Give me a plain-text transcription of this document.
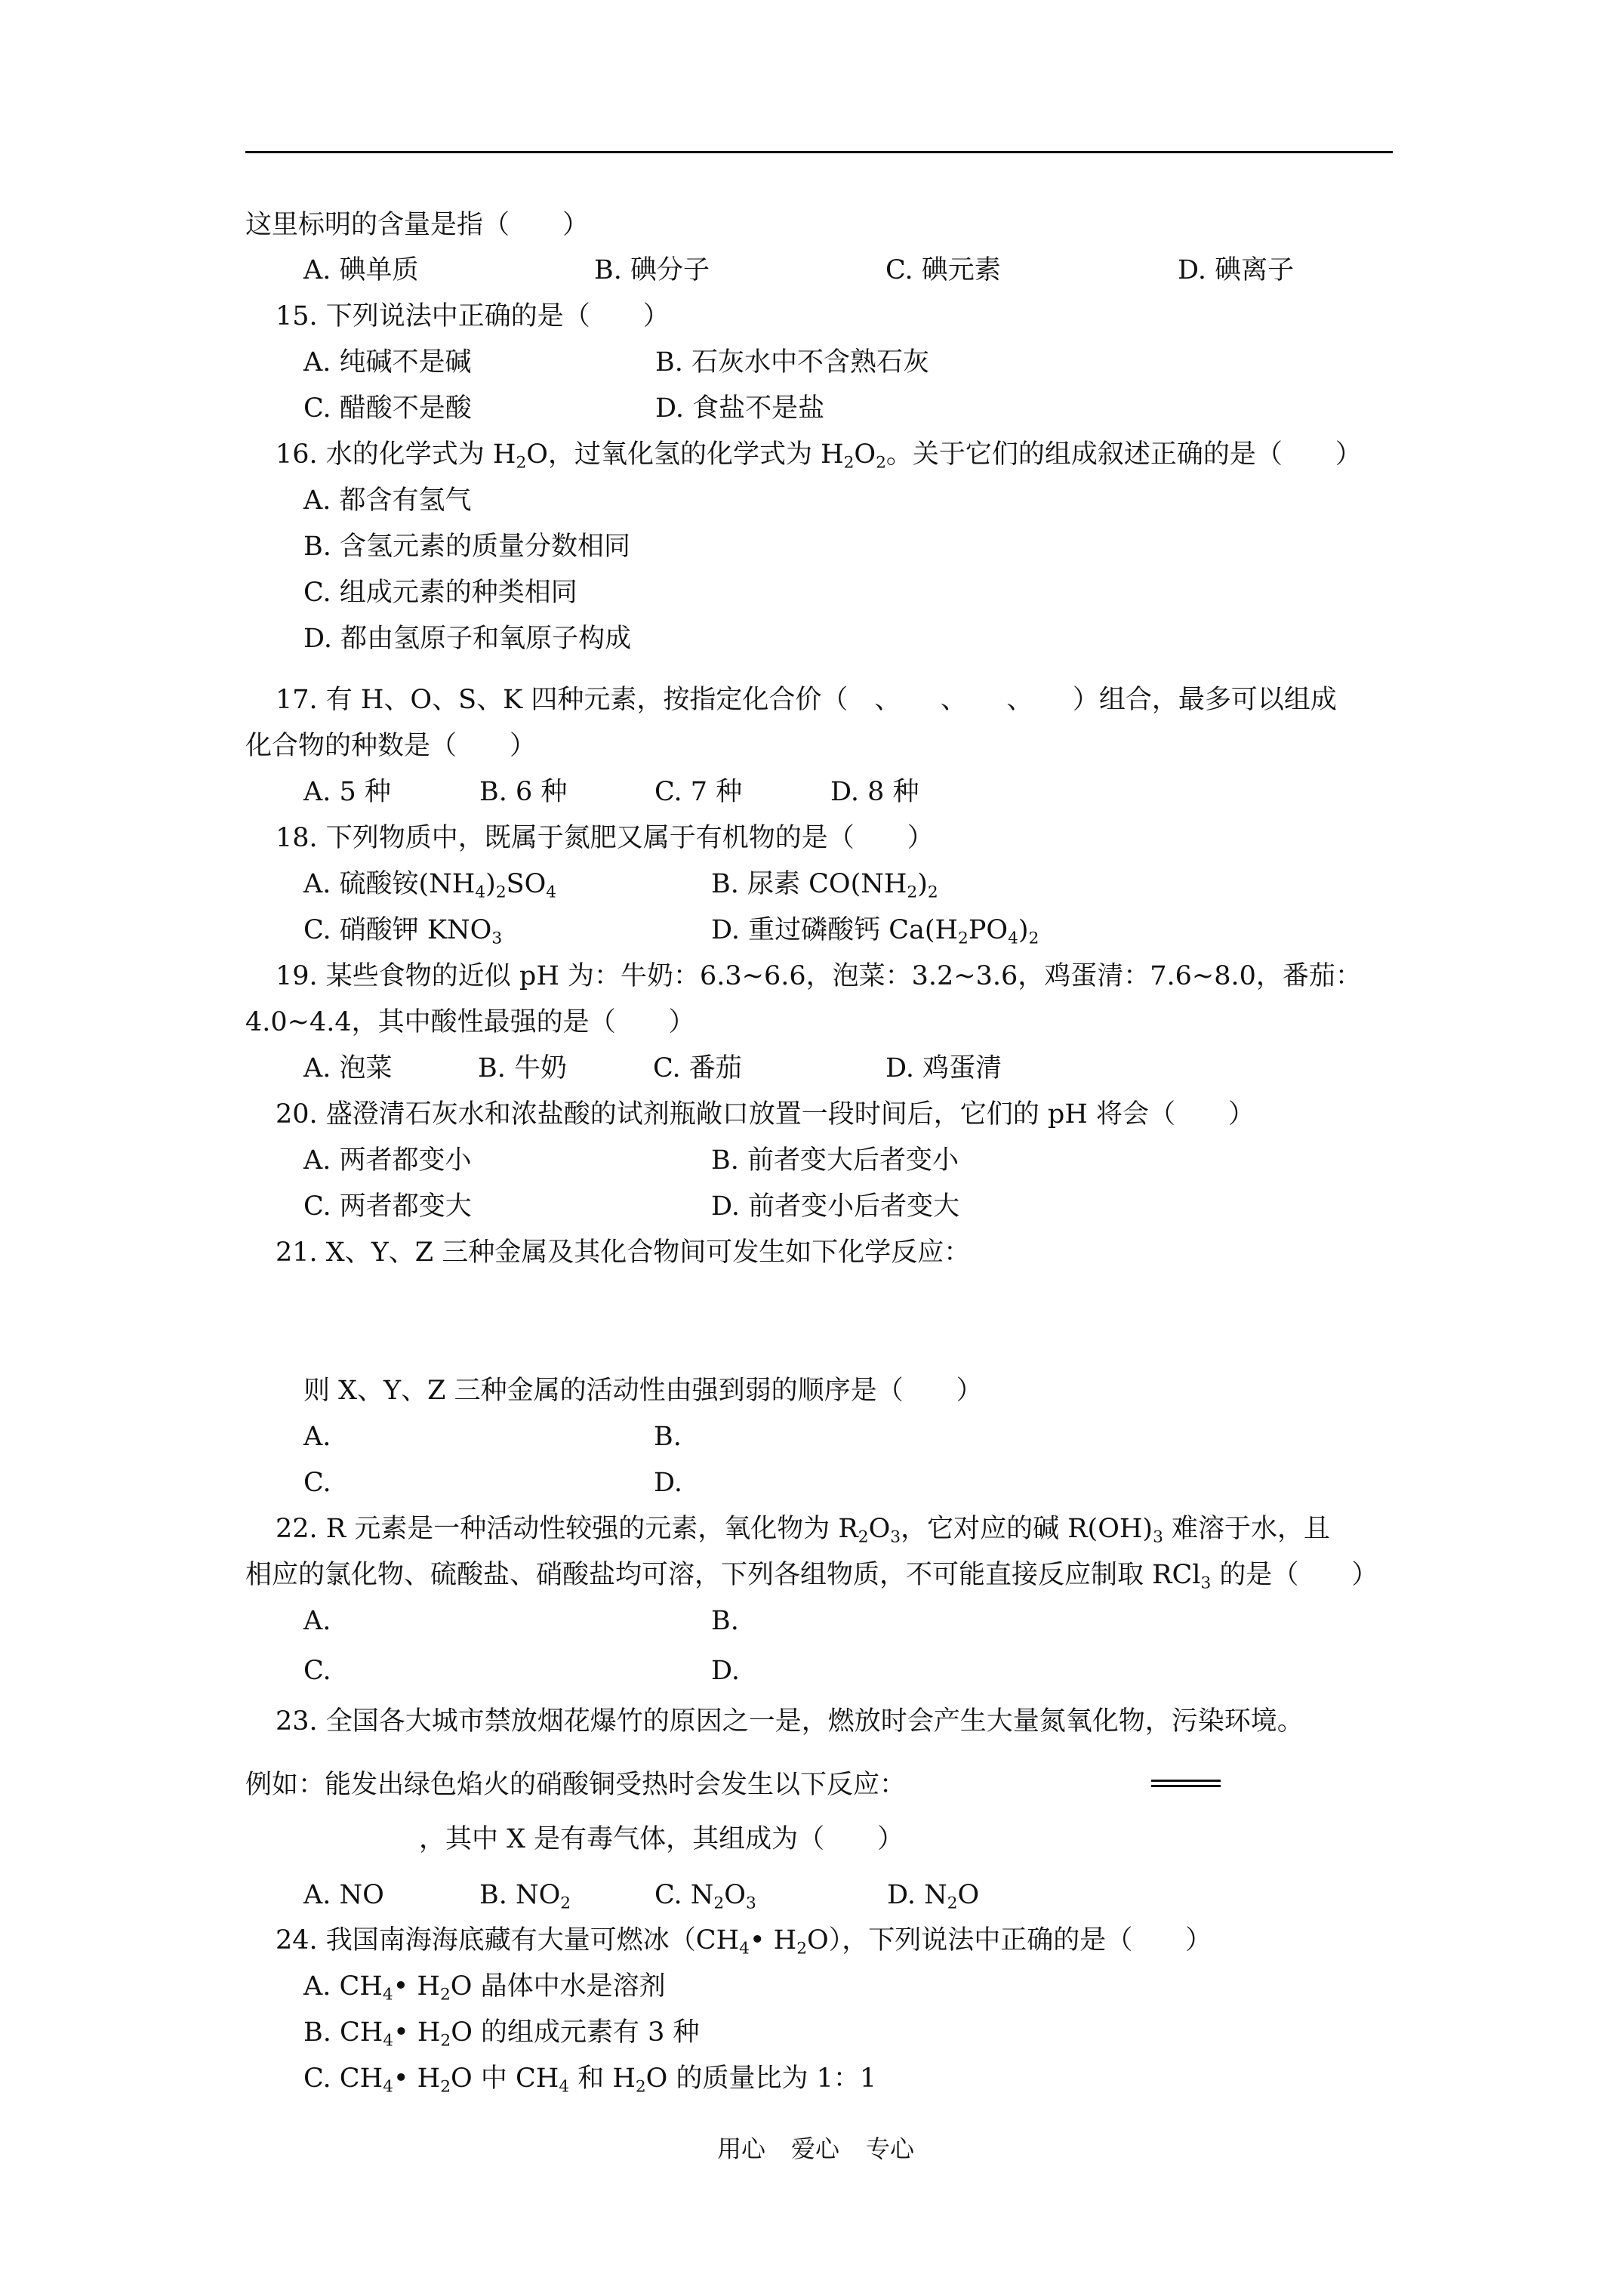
这里标明的含量是指（　　）
A. 碘单质	B. 碘分子	C. 碘元素	D. 碘离子
15. 下列说法中正确的是（　　）
A. 纯碱不是碱	B. 石灰水中不含熟石灰
C. 醋酸不是酸	D. 食盐不是盐
16. 水的化学式为 $H_2O$，过氧化氢的化学式为 $H_2O_2$。关于它们的组成叙述正确的是（　　）
A. 都含有氢气
B. 含氢元素的质量分数相同
C. 组成元素的种类相同
D. 都由氢原子和氧原子构成
17. 有 H、O、S、K 四种元素，按指定化合价（　、　　、　　、　　）组合，最多可以组成
化合物的种数是（　　）
A. 5 种	B. 6 种	C. 7 种	D. 8 种
18. 下列物质中，既属于氮肥又属于有机物的是（　　）
A. 硫酸铵$(NH_4)_2SO_4$	B. 尿素 $CO(NH_2)_2$
C. 硝酸钾 $KNO_3$	D. 重过磷酸钙 $Ca(H_2PO_4)_2$
19. 某些食物的近似 pH 为：牛奶：6.3~6.6，泡菜：3.2~3.6，鸡蛋清：7.6~8.0，番茄：
4.0~4.4，其中酸性最强的是（　　）
A. 泡菜	B. 牛奶	C. 番茄	D. 鸡蛋清
20. 盛澄清石灰水和浓盐酸的试剂瓶敞口放置一段时间后，它们的 pH 将会（　　）
A. 两者都变小	B. 前者变大后者变小
C. 两者都变大	D. 前者变小后者变大
21. X、Y、Z 三种金属及其化合物间可发生如下化学反应：
则 X、Y、Z 三种金属的活动性由强到弱的顺序是（　　）
A.	B.
C.	D.
22. R 元素是一种活动性较强的元素，氧化物为 $R_2O_3$，它对应的碱 $R(OH)_3$ 难溶于水，且
相应的氯化物、硫酸盐、硝酸盐均可溶，下列各组物质，不可能直接反应制取 RCl$_3$ 的是（　　）
A.	B.
C.	D.
23. 全国各大城市禁放烟花爆竹的原因之一是，燃放时会产生大量氮氧化物，污染环境。
例如：能发出绿色焰火的硝酸铜受热时会发生以下反应：
，其中 X 是有毒气体，其组成为（　　）
A. NO	B. $NO_2$	C. $N_2O_3$	D. $N_2O$
24. 我国南海海底藏有大量可燃冰（$CH_4•$ $H_2O$），下列说法中正确的是（　　）
A. $CH_4•$ $H_2O$ 晶体中水是溶剂
B. $CH_4•$ $H_2O$ 的组成元素有 3 种
C. $CH_4•$ $H_2O$ 中 $CH_4$ 和 $H_2O$ 的质量比为 1：1
用心 爱心 专心
